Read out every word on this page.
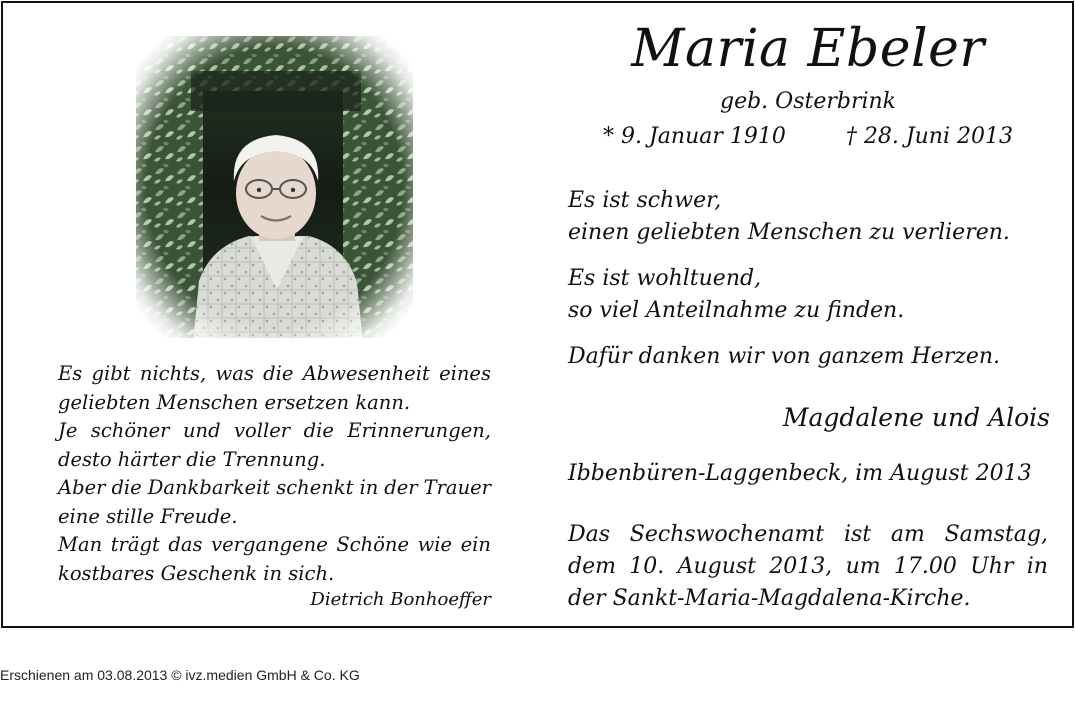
Maria Ebeler
geb. Osterbrink
* 9. Januar 1910	† 28. Juni 2013
Es ist schwer,
einen geliebten Menschen zu verlieren.
Es ist wohltuend,
so viel Anteilnahme zu finden.
Dafür danken wir von ganzem Herzen.
Magdalene und Alois
Ibbenbüren-Laggenbeck, im August 2013
Das Sechswochenamt ist am Samstag,
dem 10. August 2013, um 17.00 Uhr in
der Sankt-Maria-Magdalena-Kirche.
Es gibt nichts, was die Abwesenheit eines
geliebten Menschen ersetzen kann.
Je schöner und voller die Erinnerungen,
desto härter die Trennung.
Aber die Dankbarkeit schenkt in der Trauer
eine stille Freude.
Man trägt das vergangene Schöne wie ein
kostbares Geschenk in sich.
Dietrich Bonhoeffer
Erschienen am 03.08.2013 © ivz.medien GmbH & Co. KG
